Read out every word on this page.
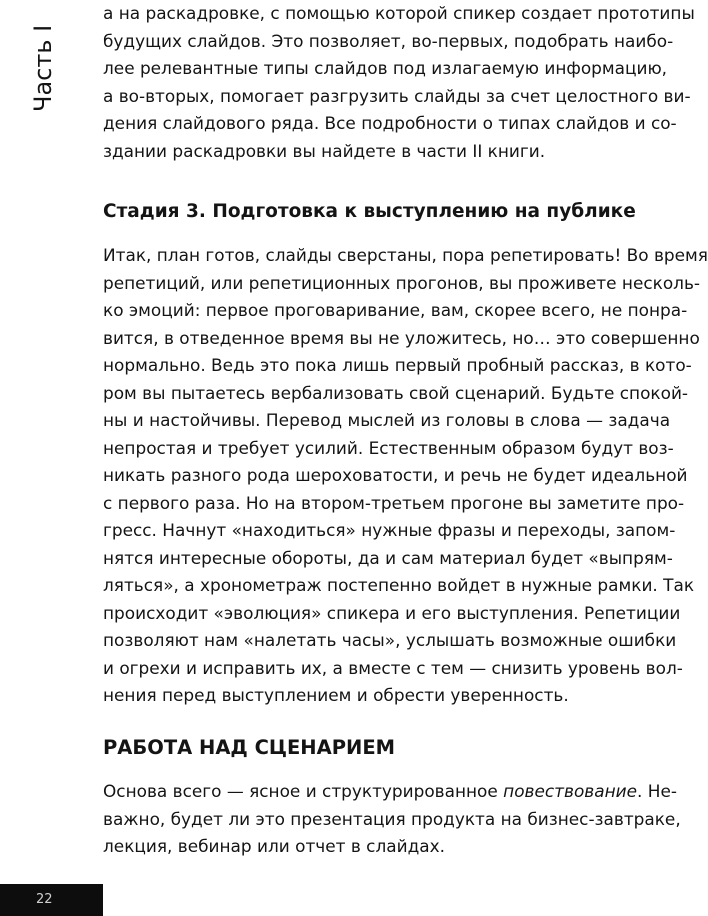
Часть I
а на раскадровке, с помощью которой спикер создает прототипы
будущих слайдов. Это позволяет, во-первых, подобрать наибо-
лее релевантные типы слайдов под излагаемую информацию,
а во-вторых, помогает разгрузить слайды за счет целостного ви-
дения слайдового ряда. Все подробности о типах слайдов и со-
здании раскадровки вы найдете в части II книги.
Стадия 3. Подготовка к выступлению на публике
Итак, план готов, слайды сверстаны, пора репетировать! Во время
репетиций, или репетиционных прогонов, вы проживете несколь-
ко эмоций: первое проговаривание, вам, скорее всего, не понра-
вится, в отведенное время вы не уложитесь, но… это совершенно
нормально. Ведь это пока лишь первый пробный рассказ, в кото-
ром вы пытаетесь вербализовать свой сценарий. Будьте спокой-
ны и настойчивы. Перевод мыслей из головы в слова — задача
непростая и требует усилий. Естественным образом будут воз-
никать разного рода шероховатости, и речь не будет идеальной
с первого раза. Но на втором-третьем прогоне вы заметите про-
гресс. Начнут «находиться» нужные фразы и переходы, запом-
нятся интересные обороты, да и сам материал будет «выпрям-
ляться», а хронометраж постепенно войдет в нужные рамки. Так
происходит «эволюция» спикера и его выступления. Репетиции
позволяют нам «налетать часы», услышать возможные ошибки
и огрехи и исправить их, а вместе с тем — снизить уровень вол-
нения перед выступлением и обрести уверенность.
РАБОТА НАД СЦЕНАРИЕМ
Основа всего — ясное и структурированное повествование. Не-
важно, будет ли это презентация продукта на бизнес-завтраке,
лекция, вебинар или отчет в слайдах.
22
